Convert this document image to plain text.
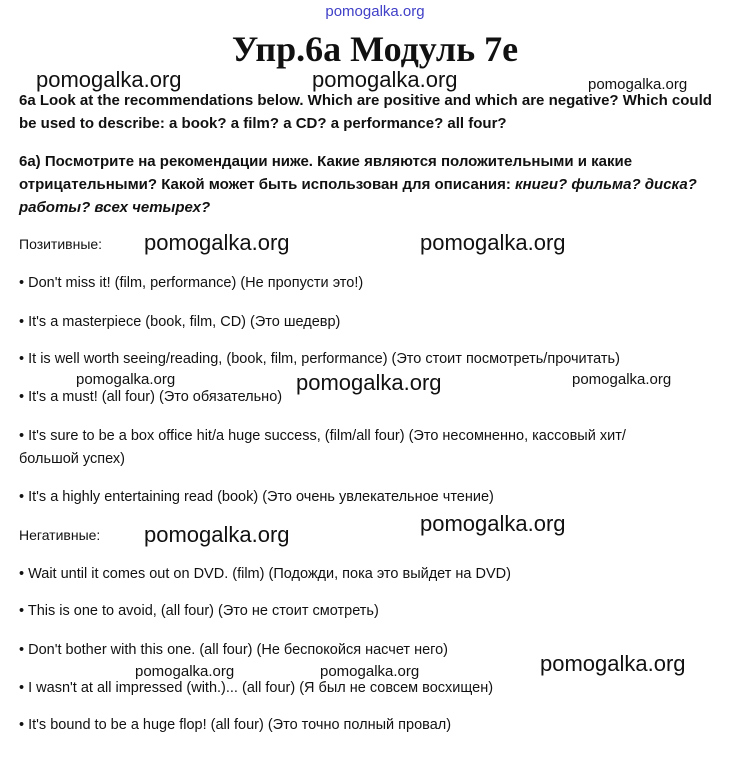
pomogalka.org
Упр.6а Модуль 7е
pomogalka.org	pomogalka.org	pomogalka.org
6a Look at the recommendations below. Which are positive and which are negative? Which could be used to describe: a book? a film? a CD? a performance? all four?
6а) Посмотрите на рекомендации ниже. Какие являются положительными и какие отрицательными? Какой может быть использован для описания: книги? фильма? диска? работы? всех четырех?
Позитивные: pomogalka.org	pomogalka.org
• Don't miss it! (film, performance) (Не пропусти это!)
• It's a masterpiece (book, film, CD) (Это шедевр)
• It is well worth seeing/reading, (book, film, performance) (Это стоит посмотреть/прочитать)
pomogalka.org	pomogalka.org	pomogalka.org
• It's a must! (all four) (Это обязательно)
• It's sure to be a box office hit/a huge success, (film/all four) (Это несомненно, кассовый хит/большой успех)
• It's a highly entertaining read (book) (Это очень увлекательное чтение)
pomogalka.org
Негативные: pomogalka.org
• Wait until it comes out on DVD. (film) (Подожди, пока это выйдет на DVD)
• This is one to avoid, (all four) (Это не стоит смотреть)
• Don't bother with this one. (all four) (Не беспокойся насчет него)
pomogalka.org	pomogalka.org	pomogalka.org
• I wasn't at all impressed (with.)... (all four) (Я был не совсем восхищен)
• It's bound to be a huge flop! (all four) (Это точно полный провал)
